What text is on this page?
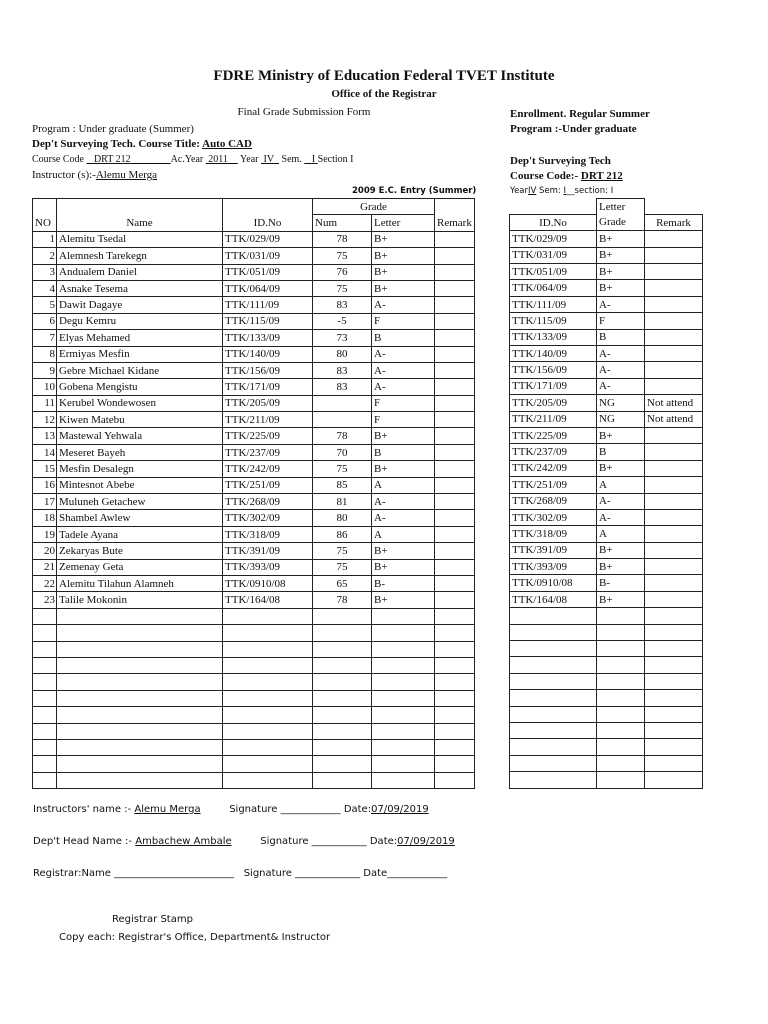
FDRE Ministry of Education Federal TVET Institute
Office of the Registrar
Final Grade Submission Form
Program : Under graduate (Summer)
Dep't Surveying Tech. Course Title: Auto CAD
Course Code DRT 212	Ac.Year 2011 Year IV Sem. I Section I
Instructor (s):-Alemu Merga
2009 E.C. Entry (Summer)
Enrollment. Regular Summer
Program :-Under graduate
Dep't Surveying Tech
Course Code:- DRT 212
YearIV Sem: I__section: I
			Grade		
NO	Name	ID.No	Num	Letter	Remark
1	Alemitu Tsedal	TTK/029/09	78	B+	
2	Alemnesh Tarekegn	TTK/031/09	75	B+	
3	Andualem Daniel	TTK/051/09	76	B+	
4	Asnake Tesema	TTK/064/09	75	B+	
5	Dawit Dagaye	TTK/111/09	83	A-	
6	Degu Kemru	TTK/115/09	-5	F	
7	Elyas Mehamed	TTK/133/09	73	B	
8	Ermiyas Mesfin	TTK/140/09	80	A-	
9	Gebre Michael Kidane	TTK/156/09	83	A-	
10	Gobena Mengistu	TTK/171/09	83	A-	
11	Kerubel Wondewosen	TTK/205/09		F	
12	Kiwen Matebu	TTK/211/09		F	
13	Mastewal Yehwala	TTK/225/09	78	B+	
14	Meseret Bayeh	TTK/237/09	70	B	
15	Mesfin Desalegn	TTK/242/09	75	B+	
16	Mintesnot Abebe	TTK/251/09	85	A	
17	Muluneh Getachew	TTK/268/09	81	A-	
18	Shambel Awlew	TTK/302/09	80	A-	
19	Tadele Ayana	TTK/318/09	86	A	
20	Zekaryas Bute	TTK/391/09	75	B+	
21	Zemenay Geta	TTK/393/09	75	B+	
22	Alemitu Tilahun Alamneh	TTK/0910/08	65	B-	
23	Talile Mokonin	TTK/164/08	78	B+	

	Letter	
ID.No	Grade	Remark
TTK/029/09	B+	
TTK/031/09	B+	
TTK/051/09	B+	
TTK/064/09	B+	
TTK/111/09	A-	
TTK/115/09	F	
TTK/133/09	B	
TTK/140/09	A-	
TTK/156/09	A-	
TTK/171/09	A-	
TTK/205/09	NG	Not attend
TTK/211/09	NG	Not attend
TTK/225/09	B+	
TTK/237/09	B	
TTK/242/09	B+	
TTK/251/09	A	
TTK/268/09	A-	
TTK/302/09	A-	
TTK/318/09	A	
TTK/391/09	B+	
TTK/393/09	B+	
TTK/0910/08	B-	
TTK/164/08	B+	

Instructors' name :- Alemu Merga	Signature ____________ Date:07/09/2019
Dep't Head Name :- Ambachew Ambale	Signature ___________ Date:07/09/2019
Registrar:Name ________________________   Signature _____________ Date____________
Registrar Stamp
Copy each: Registrar's Office, Department& Instructor
